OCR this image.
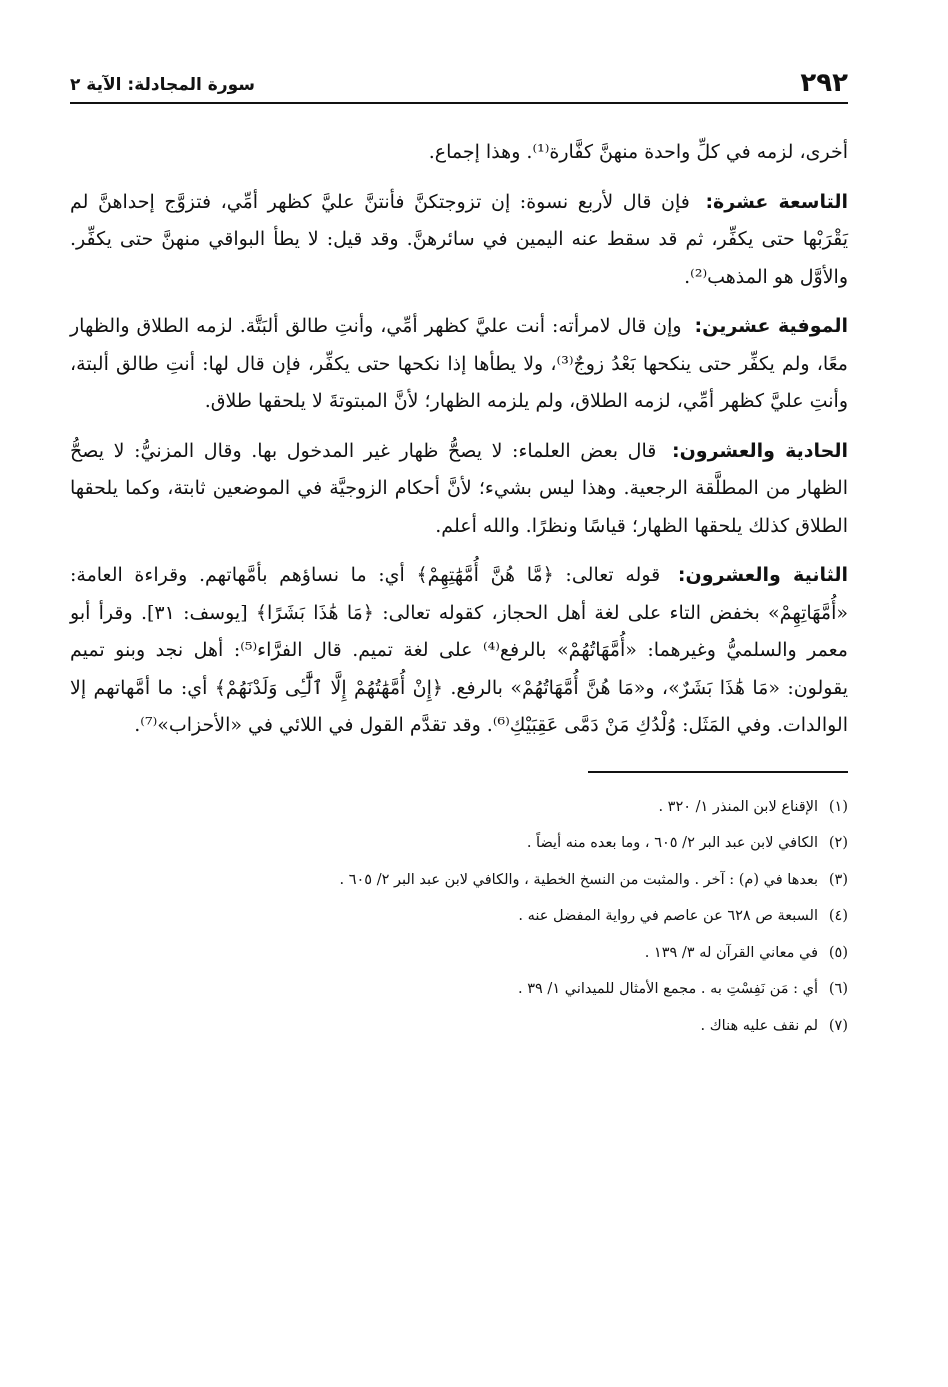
٢٩٢
سورة المجادلة: الآية ٢

أخرى، لزمه في كلِّ واحدة منهنَّ كفَّارة⁽¹⁾. وهذا إجماع.

التاسعة عشرة: فإن قال لأربع نسوة: إن تزوجتكنَّ فأنتنَّ عليَّ كظهر أمِّي، فتزوَّج إحداهنَّ لم يَقْرَبْها حتى يكفِّر، ثم قد سقط عنه اليمين في سائرهنَّ. وقد قيل: لا يطأ البواقي منهنَّ حتى يكفِّر. والأوَّل هو المذهب⁽²⁾.

الموفية عشرين: وإن قال لامرأته: أنت عليَّ كظهر أمِّي، وأنتِ طالق ألبَتَّة. لزمه الطلاق والظهار معًا، ولم يكفِّر حتى ينكحها بَعْدُ زوجٌ⁽³⁾، ولا يطأها إذا نكحها حتى يكفِّر، فإن قال لها: أنتِ طالق ألبتة، وأنتِ عليَّ كظهر أمِّي، لزمه الطلاق، ولم يلزمه الظهار؛ لأنَّ المبتوتةَ لا يلحقها طلاق.

الحادية والعشرون: قال بعض العلماء: لا يصحُّ ظهار غير المدخول بها. وقال المزنيُّ: لا يصحُّ الظهار من المطلَّقة الرجعية. وهذا ليس بشيء؛ لأنَّ أحكام الزوجيَّة في الموضعين ثابتة، وكما يلحقها الطلاق كذلك يلحقها الظهار؛ قياسًا ونظرًا. والله أعلم.

الثانية والعشرون: قوله تعالى: ﴿مَّا هُنَّ أُمَّهَٰتِهِمْ﴾ أي: ما نساؤهم بأمَّهاتهم. وقراءة العامة: «أُمَّهَاتِهِمْ» بخفض التاء على لغة أهل الحجاز، كقوله تعالى: ﴿مَا هَٰذَا بَشَرًا﴾ [يوسف: ٣١]. وقرأ أبو معمر والسلميُّ وغيرهما: «أُمَّهَاتُهُمْ» بالرفع⁽⁴⁾ على لغة تميم. قال الفرَّاء⁽⁵⁾: أهل نجد وبنو تميم يقولون: «مَا هَٰذَا بَشَرٌ»، و«مَا هُنَّ أُمَّهَاتُهُمْ» بالرفع. ﴿إِنْ أُمَّهَٰتُهُمْ إِلَّا ٱلَّٰٓـِٔى وَلَدْنَهُمْ﴾ أي: ما أمَّهاتهم إلا الوالدات. وفي المَثَل: وُلْدُكِ مَنْ دَمَّى عَقِبَيْكِ⁽⁶⁾. وقد تقدَّم القول في اللائي في «الأحزاب»⁽⁷⁾.

(١)
الإقناع لابن المنذر ١/ ٣٢٠ .
(٢)
الكافي لابن عبد البر ٢/ ٦٠٥ ، وما بعده منه أيضاً .
(٣)
بعدها في (م) : آخر . والمثبت من النسخ الخطية ، والكافي لابن عبد البر ٢/ ٦٠٥ .
(٤)
السبعة ص ٦٢٨ عن عاصم في رواية المفضل عنه .
(٥)
في معاني القرآن له ٣/ ١٣٩ .
(٦)
أي : مَن نَفِسْتِ به . مجمع الأمثال للميداني ١/ ٣٩ .
(٧)
لم نقف عليه هناك .
